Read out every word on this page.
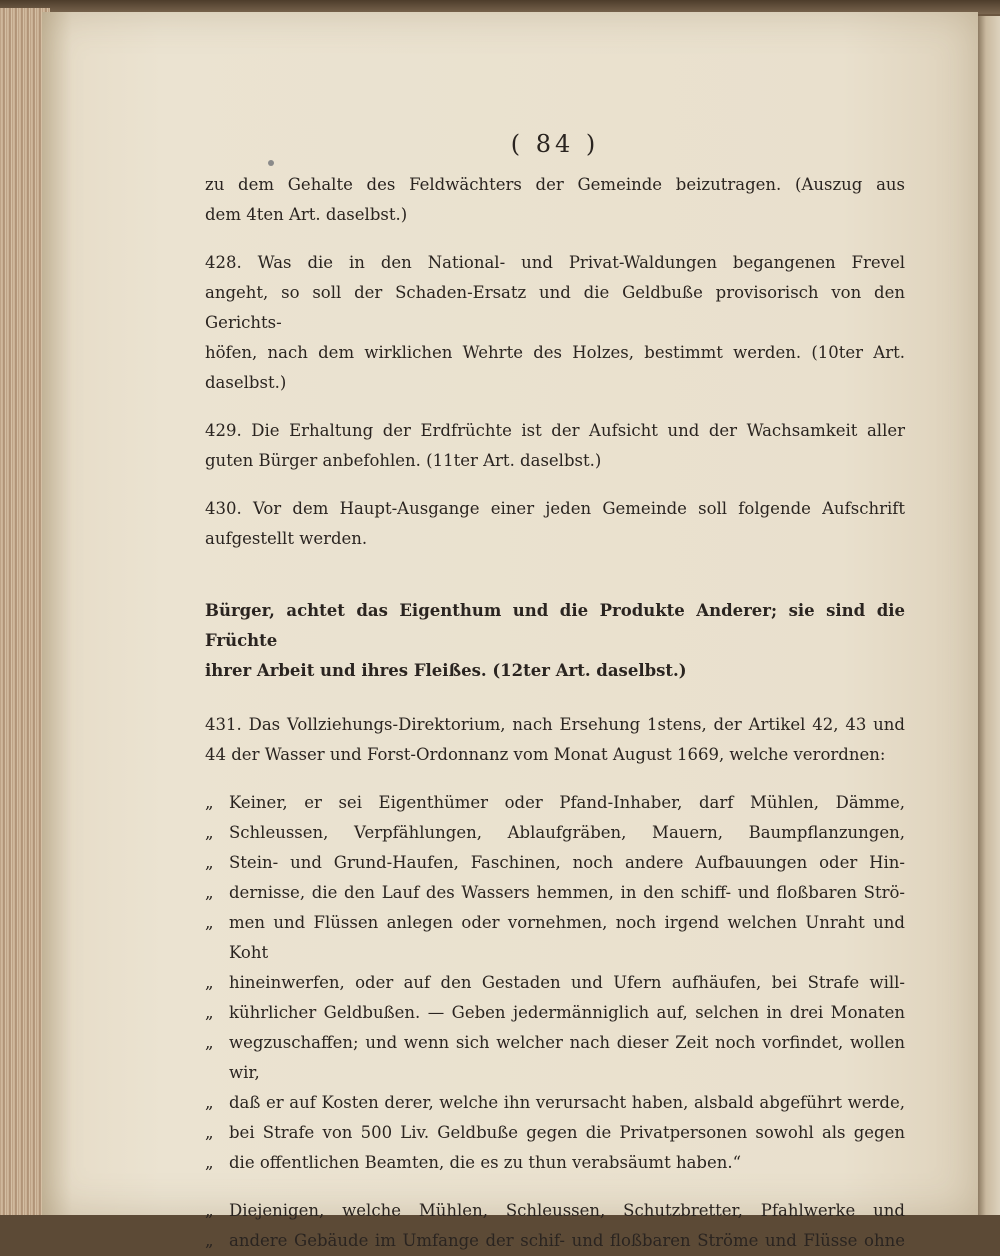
( 84 )

zu dem Gehalte des Feldwächters der Gemeinde beizutragen. (Auszug aus

dem 4ten Art. daselbst.)

428. Was die in den National- und Privat-Waldungen begangenen Frevel

angeht, so soll der Schaden-Ersatz und die Geldbuße provisorisch von den Gerichts-

höfen, nach dem wirklichen Wehrte des Holzes, bestimmt werden. (10ter Art.

daselbst.)

429. Die Erhaltung der Erdfrüchte ist der Aufsicht und der Wachsamkeit aller

guten Bürger anbefohlen. (11ter Art. daselbst.)

430. Vor dem Haupt-Ausgange einer jeden Gemeinde soll folgende Aufschrift

aufgestellt werden.

Bürger, achtet das Eigenthum und die Produkte Anderer; sie sind die Früchte

ihrer Arbeit und ihres Fleißes. (12ter Art. daselbst.)

431. Das Vollziehungs-Direktorium, nach Ersehung 1stens, der Artikel 42, 43 und

44 der Wasser und Forst-Ordonnanz vom Monat August 1669, welche verordnen:

„ Keiner, er sei Eigenthümer oder Pfand-Inhaber, darf Mühlen, Dämme,

„ Schleussen, Verpfählungen, Ablaufgräben, Mauern, Baumpflanzungen,

„ Stein- und Grund-Haufen, Faschinen, noch andere Aufbauungen oder Hin-

„ dernisse, die den Lauf des Wassers hemmen, in den schiff- und floßbaren Strö-

„ men und Flüssen anlegen oder vornehmen, noch irgend welchen Unraht und Koht

„ hineinwerfen, oder auf den Gestaden und Ufern aufhäufen, bei Strafe will-

„ kührlicher Geldbußen. — Geben jedermänniglich auf, selchen in drei Monaten

„ wegzuschaffen; und wenn sich welcher nach dieser Zeit noch vorfindet, wollen wir,

„ daß er auf Kosten derer, welche ihn verursacht haben, alsbald abgeführt werde,

„ bei Strafe von 500 Liv. Geldbuße gegen die Privatpersonen sowohl als gegen

„ die offentlichen Beamten, die es zu thun verabsäumt haben.“

„ Diejenigen, welche Mühlen, Schleussen, Schutzbretter, Pfahlwerke und

„ andere Gebäude im Umfange der schif- und floßbaren Ströme und Flüsse ohne
